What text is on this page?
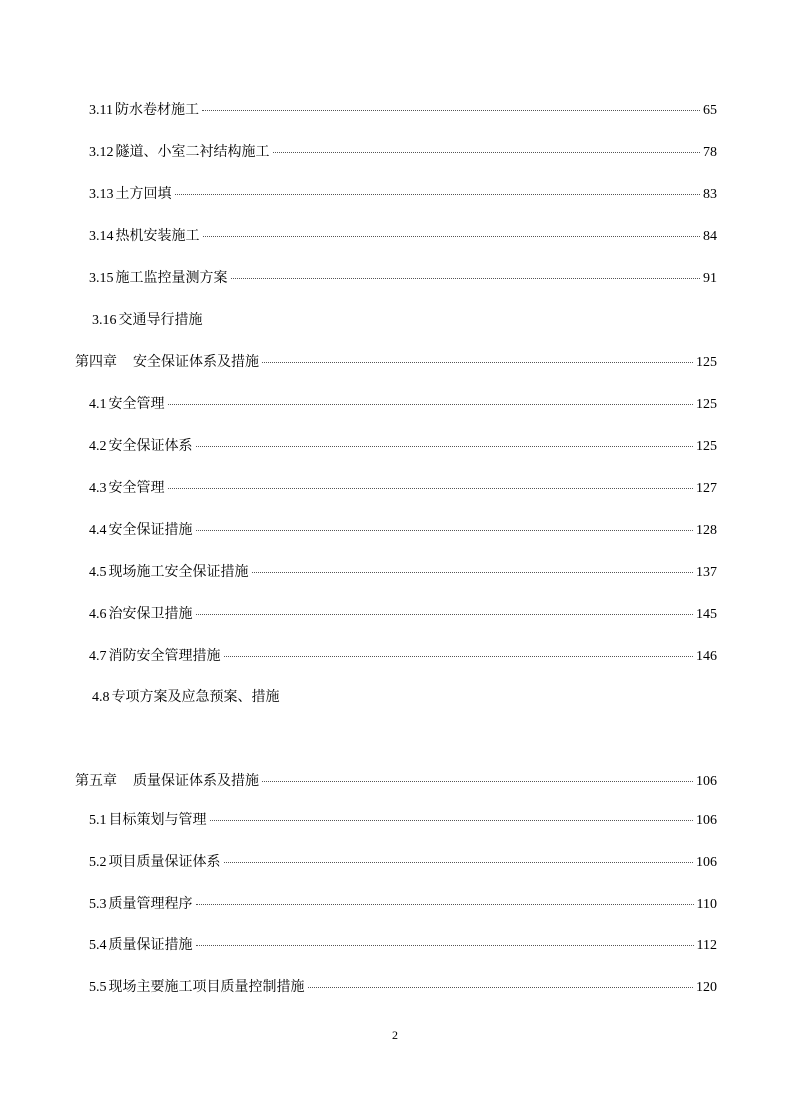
3.11 防水卷材施工	65
3.12 隧道、小室二衬结构施工	78
3.13 土方回填	83
3.14 热机安装施工	84
3.15 施工监控量测方案	91
3.16 交通导行措施
第四章 安全保证体系及措施	125
4.1 安全管理	125
4.2 安全保证体系	125
4.3 安全管理	127
4.4 安全保证措施	128
4.5 现场施工安全保证措施	137
4.6 治安保卫措施	145
4.7 消防安全管理措施	146
4.8 专项方案及应急预案、措施
第五章 质量保证体系及措施	106
5.1 目标策划与管理	106
5.2 项目质量保证体系	106
5.3 质量管理程序	110
5.4 质量保证措施	112
5.5 现场主要施工项目质量控制措施	120
2
